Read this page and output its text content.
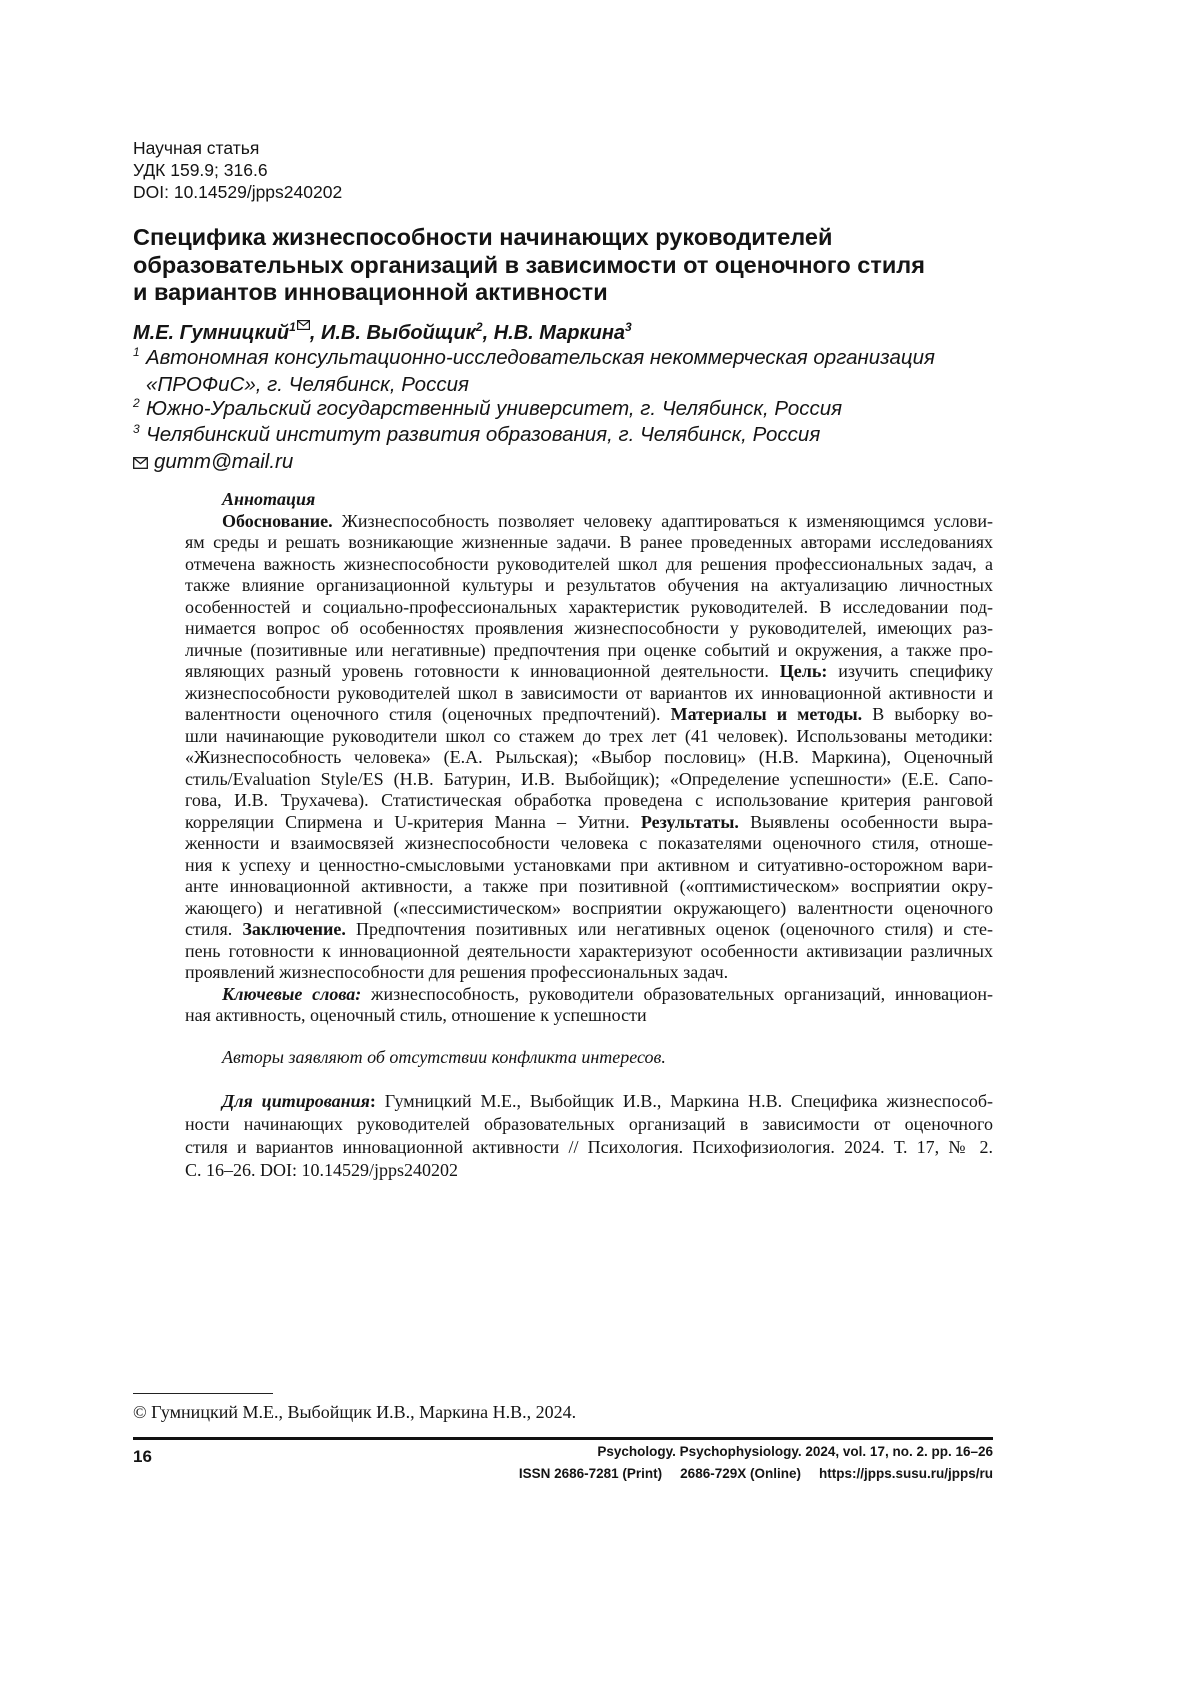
Научная статья
УДК 159.9; 316.6
DOI: 10.14529/jpps240202
Специфика жизнеспособности начинающих руководителей
образовательных организаций в зависимости от оценочного стиля
и вариантов инновационной активности
М.Е. Гумницкий$^1$ , И.В. Выбойщик$^2$, Н.В. Маркина$^3$
1 Автономная консультационно-исследовательская некоммерческая организация
«ПРОФиС», г. Челябинск, Россия
2 Южно-Уральский государственный университет, г. Челябинск, Россия
3 Челябинский институт развития образования, г. Челябинск, Россия
gumm@mail.ru
Аннотация
Обоснование. Жизнеспособность позволяет человеку адаптироваться к изменяющимся услови-
ям среды и решать возникающие жизненные задачи. В ранее проведенных авторами исследованиях
отмечена важность жизнеспособности руководителей школ для решения профессиональных задач, а
также влияние организационной культуры и результатов обучения на актуализацию личностных
особенностей и социально-профессиональных характеристик руководителей. В исследовании под-
нимается вопрос об особенностях проявления жизнеспособности у руководителей, имеющих раз-
личные (позитивные или негативные) предпочтения при оценке событий и окружения, а также про-
являющих разный уровень готовности к инновационной деятельности. Цель: изучить специфику
жизнеспособности руководителей школ в зависимости от вариантов их инновационной активности и
валентности оценочного стиля (оценочных предпочтений). Материалы и методы. В выборку во-
шли начинающие руководители школ со стажем до трех лет (41 человек). Использованы методики:
«Жизнеспособность человека» (Е.А. Рыльская); «Выбор пословиц» (Н.В. Маркина), Оценочный
стиль/Evaluation Style/ES (Н.В. Батурин, И.В. Выбойщик); «Определение успешности» (Е.Е. Сапо-
гова, И.В. Трухачева). Статистическая обработка проведена с использование критерия ранговой
корреляции Спирмена и U-критерия Манна – Уитни. Результаты. Выявлены особенности выра-
женности и взаимосвязей жизнеспособности человека с показателями оценочного стиля, отноше-
ния к успеху и ценностно-смысловыми установками при активном и ситуативно-осторожном вари-
анте инновационной активности, а также при позитивной («оптимистическом» восприятии окру-
жающего) и негативной («пессимистическом» восприятии окружающего) валентности оценочного
стиля. Заключение. Предпочтения позитивных или негативных оценок (оценочного стиля) и сте-
пень готовности к инновационной деятельности характеризуют особенности активизации различных
проявлений жизнеспособности для решения профессиональных задач.
Ключевые слова: жизнеспособность, руководители образовательных организаций, инновацион-
ная активность, оценочный стиль, отношение к успешности
Авторы заявляют об отсутствии конфликта интересов.
Для цитирования: Гумницкий М.Е., Выбойщик И.В., Маркина Н.В. Специфика жизнеспособ-
ности начинающих руководителей образовательных организаций в зависимости от оценочного
стиля и вариантов инновационной активности // Психология. Психофизиология. 2024. Т. 17, № 2.
С. 16–26. DOI: 10.14529/jpps240202
© Гумницкий М.Е., Выбойщик И.В., Маркина Н.В., 2024.
16	Psychology. Psychophysiology. 2024, vol. 17, no. 2. pp. 16–26
ISSN 2686-7281 (Print) 2686-729X (Online) https://jpps.susu.ru/jpps/ru
